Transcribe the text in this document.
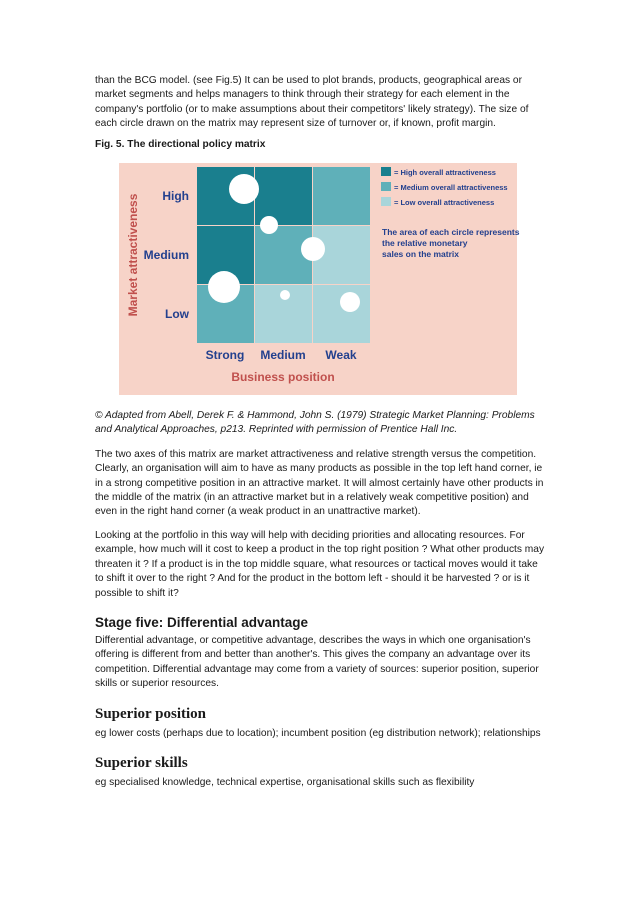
than the BCG model. (see Fig.5) It can be used to plot brands, products, geographical areas or market segments and helps managers to think through their strategy for each element in the company's portfolio (or to make assumptions about their competitors' likely strategy). The size of each circle drawn on the matrix may represent size of turnover or, if known, profit margin.

Fig. 5. The directional policy matrix

Market attractiveness High
Medium
Low
Strong Medium Weak
Business position
= High overall attractiveness
= Medium overall attractiveness
= Low overall attractiveness
The area of each circle represents the relative monetary sales on the matrix

© Adapted from Abell, Derek F. & Hammond, John S. (1979) Strategic Market Planning: Problems and Analytical Approaches, p213. Reprinted with permission of Prentice Hall Inc.

The two axes of this matrix are market attractiveness and relative strength versus the competition. Clearly, an organisation will aim to have as many products as possible in the top left hand corner, ie in a strong competitive position in an attractive market. It will almost certainly have other products in the middle of the matrix (in an attractive market but in a relatively weak competitive position) and even in the right hand corner (a weak product in an unattractive market).

Looking at the portfolio in this way will help with deciding priorities and allocating resources. For example, how much will it cost to keep a product in the top right position ? What other products may threaten it ? If a product is in the top middle square, what resources or tactical moves would it take to shift it over to the right ? And for the product in the bottom left - should it be harvested ? or is it possible to shift it?

Stage five: Differential advantage

Differential advantage, or competitive advantage, describes the ways in which one organisation's offering is different from and better than another's. This gives the company an advantage over its competition. Differential advantage may come from a variety of sources: superior position, superior skills or superior resources.

Superior position

eg lower costs (perhaps due to location); incumbent position (eg distribution network); relationships

Superior skills

eg specialised knowledge, technical expertise, organisational skills such as flexibility
